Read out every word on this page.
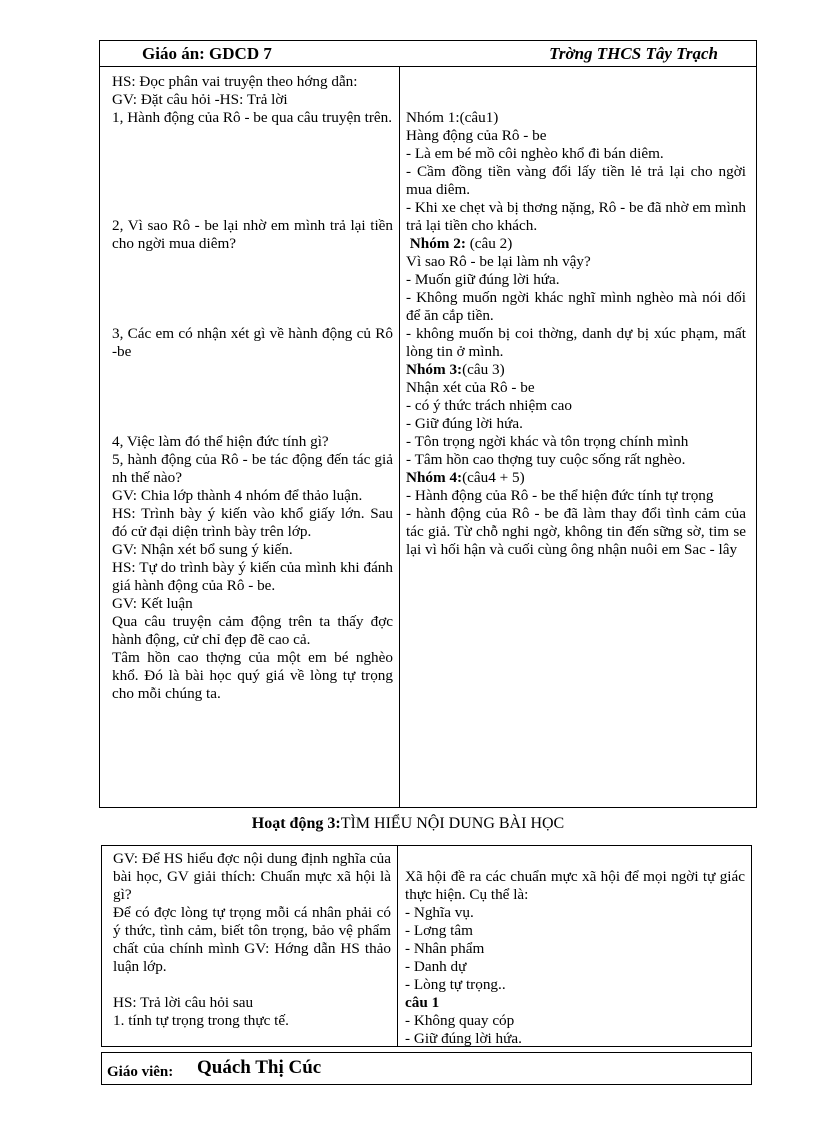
Giáo án: GDCD 7	Trờng THCS Tây Trạch

HS: Đọc phân vai truyện theo hớng dẫn:

GV: Đặt câu hỏi -HS: Trả lời

1, Hành động của Rô - be qua câu truyện trên.

2, Vì sao Rô - be lại nhờ em mình trả lại tiền cho ngời mua diêm?

3, Các em có nhận xét gì về hành động củ Rô -be

4, Việc làm đó thể hiện đức tính gì?

5, hành động của Rô - be tác động đến tác giả nh thế nào?

GV: Chia lớp thành 4 nhóm để thảo luận.

HS: Trình bày ý kiến vào khổ giấy lớn. Sau đó cử đại diện trình bày trên lớp.

GV: Nhận xét bổ sung ý kiến.

HS: Tự do trình bày ý kiến của mình khi đánh giá hành động của Rô - be.

GV: Kết luận

Qua câu truyện cảm động trên ta thấy đợc hành động, cử chỉ đẹp đẽ cao cả.

Tâm hồn cao thợng của một em bé nghèo khổ. Đó là bài học quý giá về lòng tự trọng cho mỗi chúng ta.

Nhóm 1:(câu1)

Hàng động của Rô - be

- Là em bé mồ côi nghèo khổ đi bán diêm.

- Cầm đồng tiền vàng đổi lấy tiền lẻ trả lại cho ngời mua diêm.

- Khi xe chẹt và bị thơng nặng, Rô - be đã nhờ em mình trả lại tiền cho khách.

Nhóm 2: (câu 2)

Vì sao Rô - be lại làm nh vậy?

- Muốn giữ đúng lời hứa.

- Không muốn ngời khác nghĩ mình nghèo mà nói dối để ăn cắp tiền.

- không muốn bị coi thờng, danh dự bị xúc phạm, mất lòng tin ở mình.

Nhóm 3:(câu 3)

Nhận xét của Rô - be

- có ý thức trách nhiệm cao

- Giữ đúng lời hứa.

- Tôn trọng ngời khác và tôn trọng chính mình

- Tâm hồn cao thợng tuy cuộc sống rất nghèo.

Nhóm 4:(câu4 + 5)

- Hành động của Rô - be thể hiện đức tính tự trọng

- hành động của Rô - be đã làm thay đổi tình cảm của tác giả. Từ chỗ nghi ngờ, không tin đến sững sờ, tim se lại vì hối hận và cuối cùng ông nhận nuôi em Sac - lây

Hoạt động 3:TÌM HIỂU NỘI DUNG BÀI HỌC

GV: Để HS hiểu đợc nội dung định nghĩa của bài học, GV giải thích: Chuẩn mực xã hội là gì?

Để có đợc lòng tự trọng mỗi cá nhân phải có ý thức, tình cảm, biết tôn trọng, bảo vệ phẩm chất của chính mình GV: Hớng dẫn HS thảo luận lớp.

HS: Trả lời câu hỏi sau

1. tính tự trọng trong thực tế.

Xã hội đề ra các chuẩn mực xã hội để mọi ngời tự giác thực hiện. Cụ thể là:

- Nghĩa vụ.

- Lơng tâm

- Nhân phẩm

- Danh dự

- Lòng tự trọng..

câu 1

- Không quay cóp

- Giữ đúng lời hứa.

Giáo viên: Quách Thị Cúc
